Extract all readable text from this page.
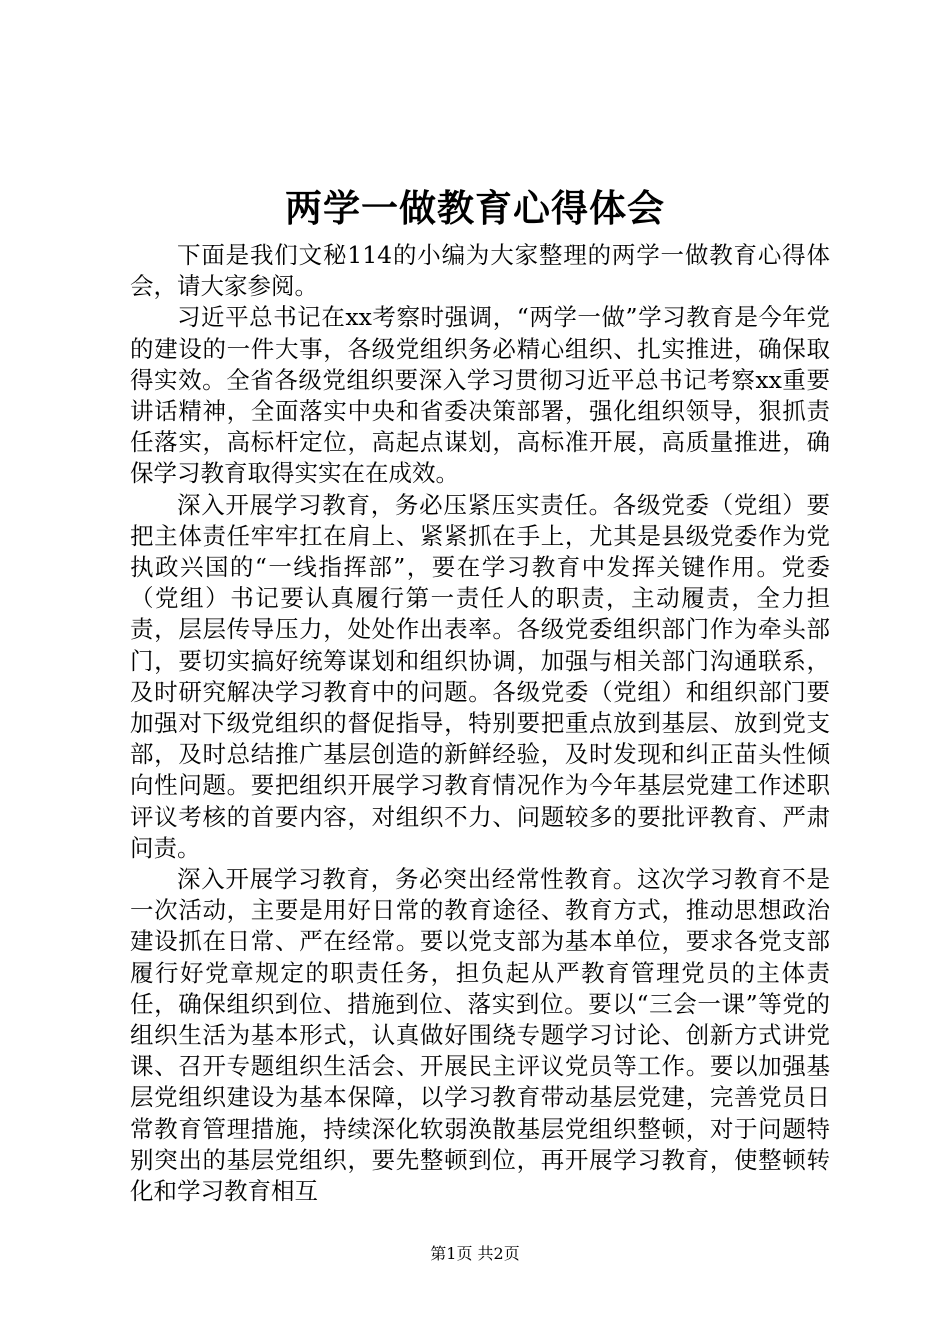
两学一做教育心得体会

下面是我们文秘114的小编为大家整理的两学一做教育心得体会，请大家参阅。

习近平总书记在xx考察时强调，“两学一做”学习教育是今年党的建设的一件大事，各级党组织务必精心组织、扎实推进，确保取得实效。全省各级党组织要深入学习贯彻习近平总书记考察xx重要讲话精神，全面落实中央和省委决策部署，强化组织领导，狠抓责任落实，高标杆定位，高起点谋划，高标准开展，高质量推进，确保学习教育取得实实在在成效。

深入开展学习教育，务必压紧压实责任。各级党委（党组）要把主体责任牢牢扛在肩上、紧紧抓在手上，尤其是县级党委作为党执政兴国的“一线指挥部”，要在学习教育中发挥关键作用。党委（党组）书记要认真履行第一责任人的职责，主动履责，全力担责，层层传导压力，处处作出表率。各级党委组织部门作为牵头部门，要切实搞好统筹谋划和组织协调，加强与相关部门沟通联系，及时研究解决学习教育中的问题。各级党委（党组）和组织部门要加强对下级党组织的督促指导，特别要把重点放到基层、放到党支部，及时总结推广基层创造的新鲜经验，及时发现和纠正苗头性倾向性问题。要把组织开展学习教育情况作为今年基层党建工作述职评议考核的首要内容，对组织不力、问题较多的要批评教育、严肃问责。

深入开展学习教育，务必突出经常性教育。这次学习教育不是一次活动，主要是用好日常的教育途径、教育方式，推动思想政治建设抓在日常、严在经常。要以党支部为基本单位，要求各党支部履行好党章规定的职责任务，担负起从严教育管理党员的主体责任，确保组织到位、措施到位、落实到位。要以“三会一课”等党的组织生活为基本形式，认真做好围绕专题学习讨论、创新方式讲党课、召开专题组织生活会、开展民主评议党员等工作。要以加强基层党组织建设为基本保障，以学习教育带动基层党建，完善党员日常教育管理措施，持续深化软弱涣散基层党组织整顿，对于问题特别突出的基层党组织，要先整顿到位，再开展学习教育，使整顿转化和学习教育相互

第1页 共2页
